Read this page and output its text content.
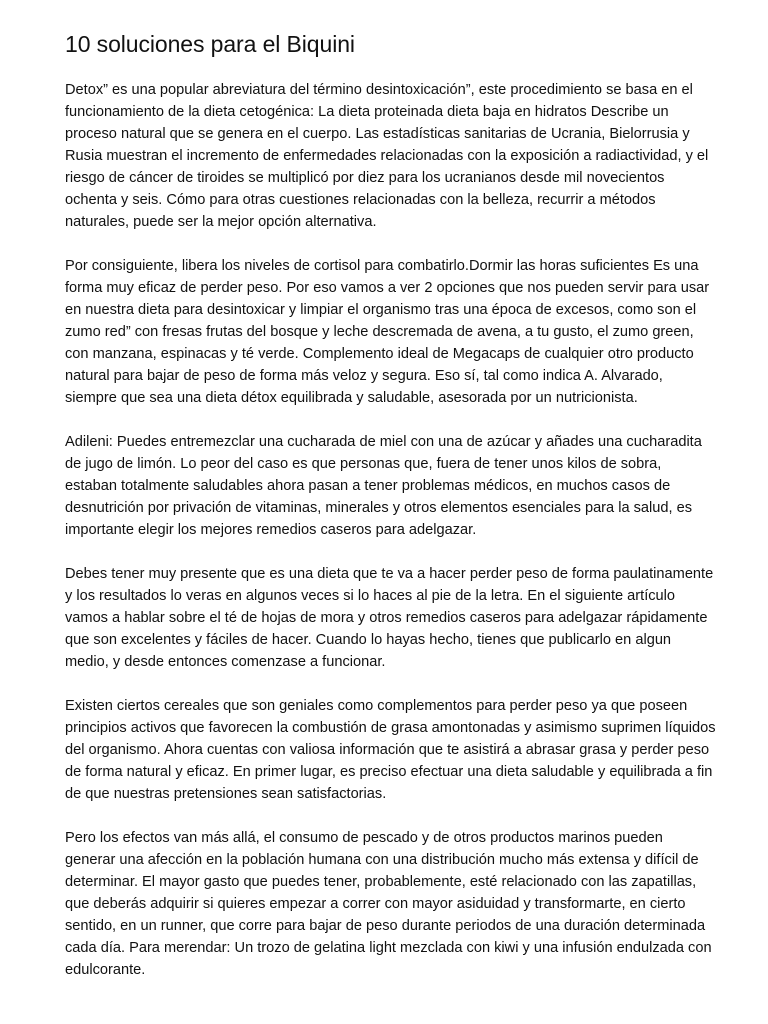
10 soluciones para el Biquini

Detox” es una popular abreviatura del término desintoxicación”, este procedimiento se basa en el funcionamiento de la dieta cetogénica: La dieta proteinada dieta baja en hidratos Describe un proceso natural que se genera en el cuerpo. Las estadísticas sanitarias de Ucrania, Bielorrusia y Rusia muestran el incremento de enfermedades relacionadas con la exposición a radiactividad, y el riesgo de cáncer de tiroides se multiplicó por diez para los ucranianos desde mil novecientos ochenta y seis. Cómo para otras cuestiones relacionadas con la belleza, recurrir a métodos naturales, puede ser la mejor opción alternativa.

Por consiguiente, libera los niveles de cortisol para combatirlo.Dormir las horas suficientes Es una forma muy eficaz de perder peso. Por eso vamos a ver 2 opciones que nos pueden servir para usar en nuestra dieta para desintoxicar y limpiar el organismo tras una época de excesos, como son el zumo red” con fresas frutas del bosque y leche descremada de avena, a tu gusto, el zumo green, con manzana, espinacas y té verde. Complemento ideal de Megacaps de cualquier otro producto natural para bajar de peso de forma más veloz y segura. Eso sí, tal como indica A. Alvarado, siempre que sea una dieta détox equilibrada y saludable, asesorada por un nutricionista.

Adileni: Puedes entremezclar una cucharada de miel con una de azúcar y añades una cucharadita de jugo de limón. Lo peor del caso es que personas que, fuera de tener unos kilos de sobra, estaban totalmente saludables ahora pasan a tener problemas médicos, en muchos casos de desnutrición por privación de vitaminas, minerales y otros elementos esenciales para la salud, es importante elegir los mejores remedios caseros para adelgazar.

Debes tener muy presente que es una dieta que te va a hacer perder peso de forma paulatinamente y los resultados lo veras en algunos veces si lo haces al pie de la letra. En el siguiente artículo vamos a hablar sobre el té de hojas de mora y otros remedios caseros para adelgazar rápidamente que son excelentes y fáciles de hacer. Cuando lo hayas hecho, tienes que publicarlo en algun medio, y desde entonces comenzase a funcionar.

Existen ciertos cereales que son geniales como complementos para perder peso ya que poseen principios activos que favorecen la combustión de grasa amontonadas y asimismo suprimen líquidos del organismo. Ahora cuentas con valiosa información que te asistirá a abrasar grasa y perder peso de forma natural y eficaz. En primer lugar, es preciso efectuar una dieta saludable y equilibrada a fin de que nuestras pretensiones sean satisfactorias.

Pero los efectos van más allá, el consumo de pescado y de otros productos marinos pueden generar una afección en la población humana con una distribución mucho más extensa y difícil de determinar. El mayor gasto que puedes tener, probablemente, esté relacionado con las zapatillas, que deberás adquirir si quieres empezar a correr con mayor asiduidad y transformarte, en cierto sentido, en un runner, que corre para bajar de peso durante periodos de una duración determinada cada día. Para merendar: Un trozo de gelatina light mezclada con kiwi y una infusión endulzada con edulcorante.
